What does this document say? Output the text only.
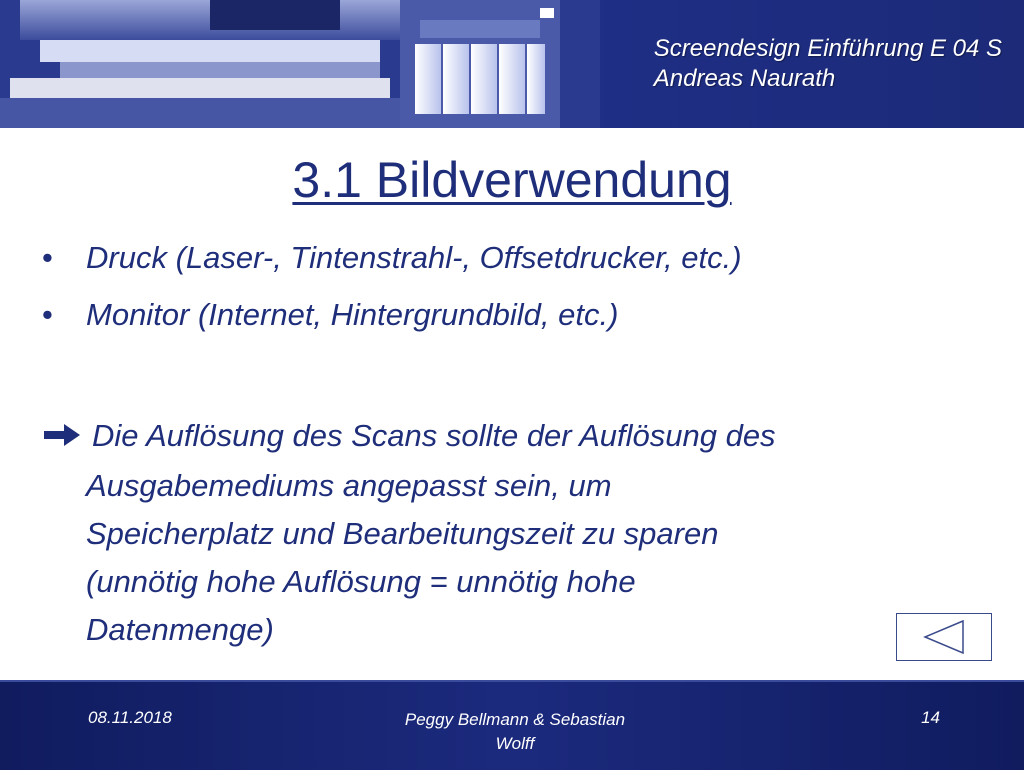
Screendesign Einführung E 04 S
Andreas Naurath
3.1 Bildverwendung
• Druck (Laser-, Tintenstrahl-, Offsetdrucker, etc.)
• Monitor (Internet, Hintergrundbild, etc.)
Die Auflösung des Scans sollte der Auflösung des
Ausgabemediums angepasst sein, um
Speicherplatz und Bearbeitungszeit zu sparen
(unnötig hohe Auflösung = unnötig hohe
Datenmenge)
08.11.2018	Peggy Bellmann & Sebastian
Wolff
14
